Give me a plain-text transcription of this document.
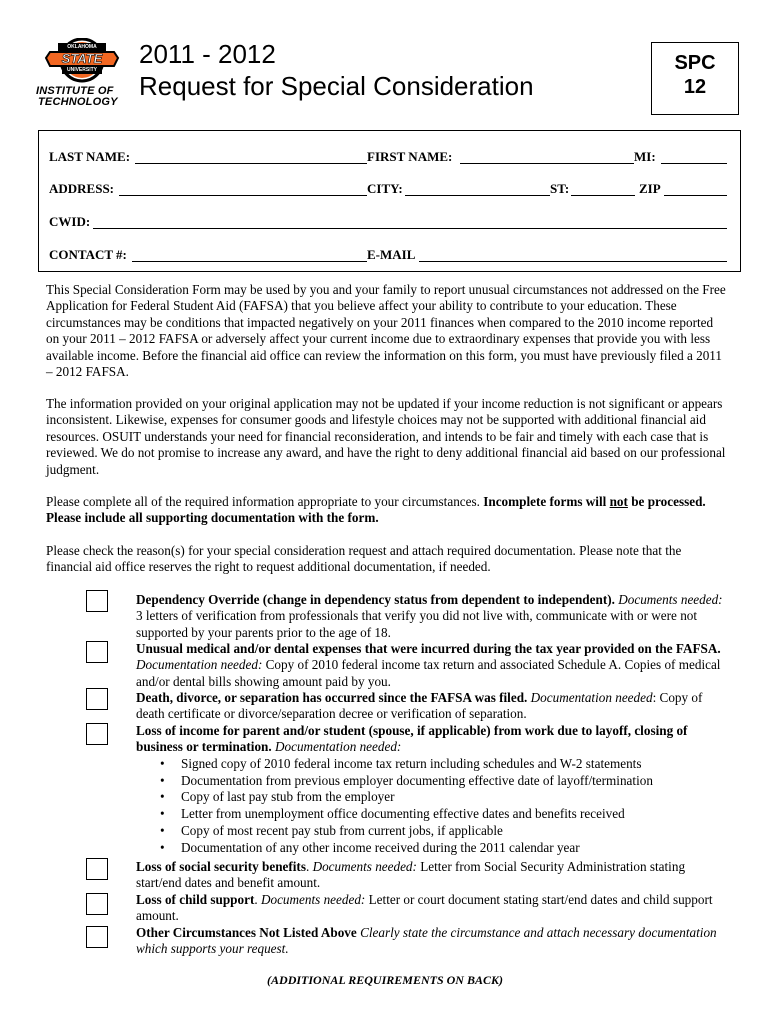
OKLAHOMA
STATE
UNIVERSITY
INSTITUTE OF
TECHNOLOGY
2011 - 2012
Request for Special Consideration
SPC
12
LAST NAME:	FIRST NAME:	MI:
ADDRESS:	CITY:	ST:	ZIP
CWID:
CONTACT #:	E-MAIL
This Special Consideration Form may be used by you and your family to report unusual circumstances not addressed on the Free Application for Federal Student Aid (FAFSA) that you believe affect your ability to contribute to your education. These circumstances may be conditions that impacted negatively on your 2011 finances when compared to the 2010 income reported on your 2011 – 2012 FAFSA or adversely affect your current income due to extraordinary expenses that provide you with less available income. Before the financial aid office can review the information on this form, you must have previously filed a 2011 – 2012 FAFSA.
The information provided on your original application may not be updated if your income reduction is not significant or appears inconsistent. Likewise, expenses for consumer goods and lifestyle choices may not be supported with additional financial aid resources. OSUIT understands your need for financial reconsideration, and intends to be fair and timely with each case that is reviewed. We do not promise to increase any award, and have the right to deny additional financial aid based on our professional judgment.
Please complete all of the required information appropriate to your circumstances. Incomplete forms will not be processed. Please include all supporting documentation with the form.
Please check the reason(s) for your special consideration request and attach required documentation. Please note that the financial aid office reserves the right to request additional documentation, if needed.
Dependency Override (change in dependency status from dependent to independent). Documents needed: 3 letters of verification from professionals that verify you did not live with, communicate with or were not supported by your parents prior to the age of 18.
Unusual medical and/or dental expenses that were incurred during the tax year provided on the FAFSA. Documentation needed: Copy of 2010 federal income tax return and associated Schedule A. Copies of medical and/or dental bills showing amount paid by you.
Death, divorce, or separation has occurred since the FAFSA was filed. Documentation needed: Copy of death certificate or divorce/separation decree or verification of separation.
Loss of income for parent and/or student (spouse, if applicable) from work due to layoff, closing of business or termination. Documentation needed:
• Signed copy of 2010 federal income tax return including schedules and W-2 statements
• Documentation from previous employer documenting effective date of layoff/termination
• Copy of last pay stub from the employer
• Letter from unemployment office documenting effective dates and benefits received
• Copy of most recent pay stub from current jobs, if applicable
• Documentation of any other income received during the 2011 calendar year
Loss of social security benefits. Documents needed: Letter from Social Security Administration stating start/end dates and benefit amount.
Loss of child support. Documents needed: Letter or court document stating start/end dates and child support amount.
Other Circumstances Not Listed Above Clearly state the circumstance and attach necessary documentation which supports your request.
(ADDITIONAL REQUIREMENTS ON BACK)
